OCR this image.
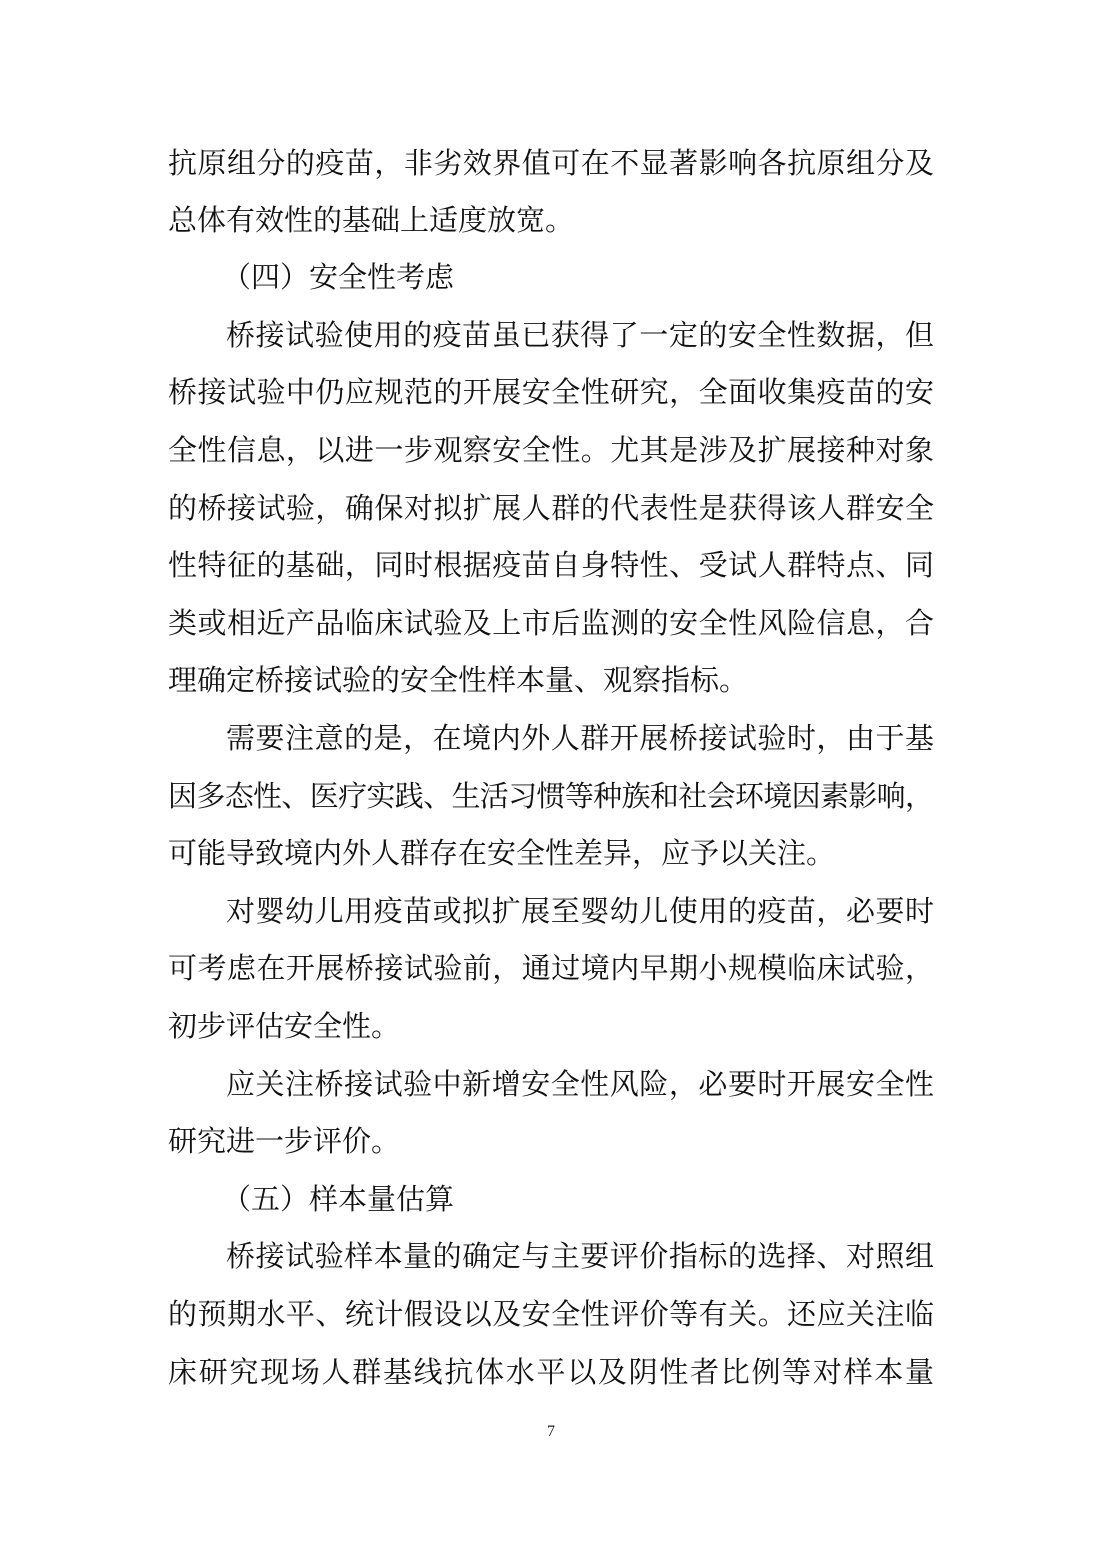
抗原组分的疫苗，非劣效界值可在不显著影响各抗原组分及
总体有效性的基础上适度放宽。
（四）安全性考虑
桥接试验使用的疫苗虽已获得了一定的安全性数据，但
桥接试验中仍应规范的开展安全性研究，全面收集疫苗的安
全性信息，以进一步观察安全性。尤其是涉及扩展接种对象
的桥接试验，确保对拟扩展人群的代表性是获得该人群安全
性特征的基础，同时根据疫苗自身特性、受试人群特点、同
类或相近产品临床试验及上市后监测的安全性风险信息，合
理确定桥接试验的安全性样本量、观察指标。
需要注意的是，在境内外人群开展桥接试验时，由于基
因多态性、医疗实践、生活习惯等种族和社会环境因素影响，
可能导致境内外人群存在安全性差异，应予以关注。
对婴幼儿用疫苗或拟扩展至婴幼儿使用的疫苗，必要时
可考虑在开展桥接试验前，通过境内早期小规模临床试验，
初步评估安全性。
应关注桥接试验中新增安全性风险，必要时开展安全性
研究进一步评价。
（五）样本量估算
桥接试验样本量的确定与主要评价指标的选择、对照组
的预期水平、统计假设以及安全性评价等有关。还应关注临
床研究现场人群基线抗体水平以及阴性者比例等对样本量
7
